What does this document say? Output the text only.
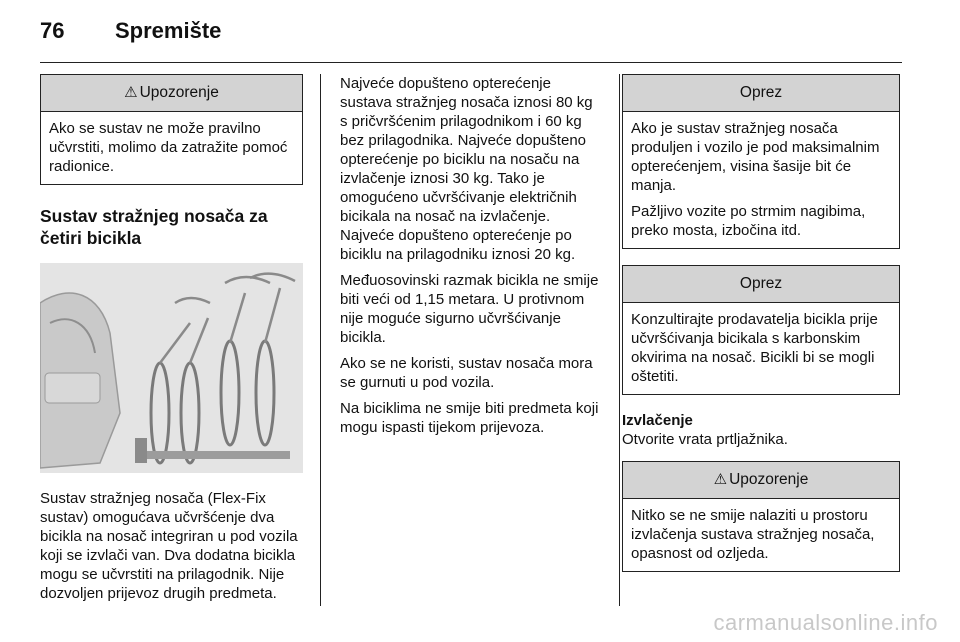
76 Spremište
⚠ Upozorenje

Ako se sustav ne može pravilno učvrstiti, molimo da zatražite pomoć radionice.

Sustav stražnjeg nosača za četiri bicikla

Sustav stražnjeg nosača (Flex-Fix sustav) omogućava učvršćenje dva bicikla na nosač integriran u pod vozila koji se izvlači van. Dva dodatna bicikla mogu se učvrstiti na prilagodnik. Nije dozvoljen prijevoz drugih predmeta.

Najveće dopušteno opterećenje sustava stražnjeg nosača iznosi 80 kg s pričvršćenim prilagodnikom i 60 kg bez prilagodnika. Najveće dopušteno opterećenje po biciklu na nosaču na izvlačenje iznosi 30 kg. Tako je omogućeno učvršćivanje električnih bicikala na nosač na izvlačenje. Najveće dopušteno opterećenje po biciklu na prilagodniku iznosi 20 kg.

Međuosovinski razmak bicikla ne smije biti veći od 1,15 metara. U protivnom nije moguće sigurno učvršćivanje bicikla.

Ako se ne koristi, sustav nosača mora se gurnuti u pod vozila.

Na biciklima ne smije biti predmeta koji mogu ispasti tijekom prijevoza.

Oprez

Ako je sustav stražnjeg nosača produljen i vozilo je pod maksimalnim opterećenjem, visina šasije bit će manja.

Pažljivo vozite po strmim nagibima, preko mosta, izbočina itd.

Oprez

Konzultirajte prodavatelja bicikla prije učvršćivanja bicikala s karbonskim okvirima na nosač. Bicikli bi se mogli oštetiti.

Izvlačenje

Otvorite vrata prtljažnika.

⚠ Upozorenje

Nitko se ne smije nalaziti u prostoru izvlačenja sustava stražnjeg nosača, opasnost od ozljeda.

carmanualsonline.info
